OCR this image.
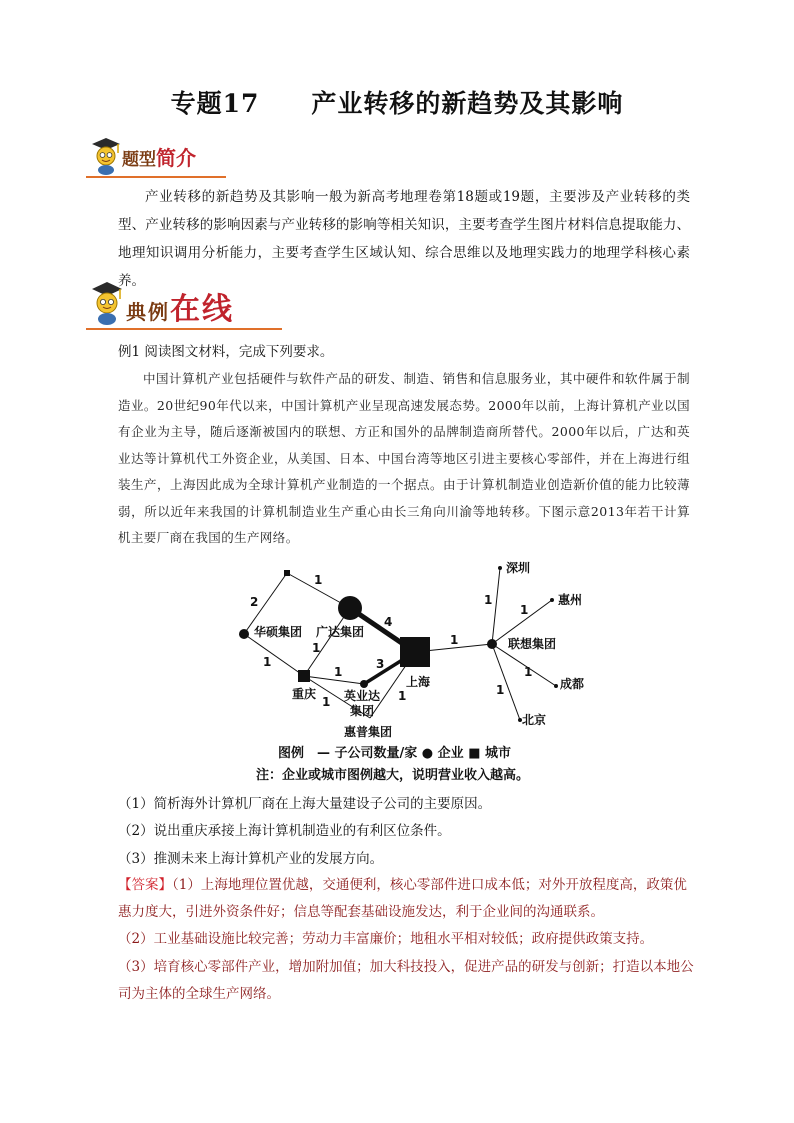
专题17　　产业转移的新趋势及其影响
题型简介
产业转移的新趋势及其影响一般为新高考地理卷第18题或19题，主要涉及产业转移的类型、产业转移的影响因素与产业转移的影响等相关知识，主要考查学生图片材料信息提取能力、地理知识调用分析能力，主要考查学生区域认知、综合思维以及地理实践力的地理学科核心素养。
典例在线
例1 阅读图文材料，完成下列要求。
中国计算机产业包括硬件与软件产品的研发、制造、销售和信息服务业，其中硬件和软件属于制造业。20世纪90年代以来，中国计算机产业呈现高速发展态势。2000年以前，上海计算机产业以国有企业为主导，随后逐渐被国内的联想、方正和国外的品牌制造商所替代。2000年以后，广达和英业达等计算机代工外资企业，从美国、日本、中国台湾等地区引进主要核心零部件，并在上海进行组装生产，上海因此成为全球计算机产业制造的一个据点。由于计算机制造业创造新价值的能力比较薄弱，所以近年来我国的计算机制造业生产重心由长三角向川渝等地转移。下图示意2013年若干计算机主要厂商在我国的生产网络。
2
1
1
1
4
1
3
1	1
1
1
1
1
1
华硕集团 广达集团
上海
重庆 英业达
集团
惠普集团
联想集团
深圳
惠州
成都
北京
图例　— 子公司数量/家 ● 企业 ■ 城市
注：企业或城市图例越大，说明营业收入越高。
（1）简析海外计算机厂商在上海大量建设子公司的主要原因。
（2）说出重庆承接上海计算机制造业的有利区位条件。
（3）推测未来上海计算机产业的发展方向。
【答案】（1）上海地理位置优越，交通便利，核心零部件进口成本低；对外开放程度高，政策优惠力度大，引进外资条件好；信息等配套基础设施发达，利于企业间的沟通联系。
（2）工业基础设施比较完善；劳动力丰富廉价；地租水平相对较低；政府提供政策支持。
（3）培育核心零部件产业，增加附加值；加大科技投入，促进产品的研发与创新；打造以本地公司为主体的全球生产网络。
